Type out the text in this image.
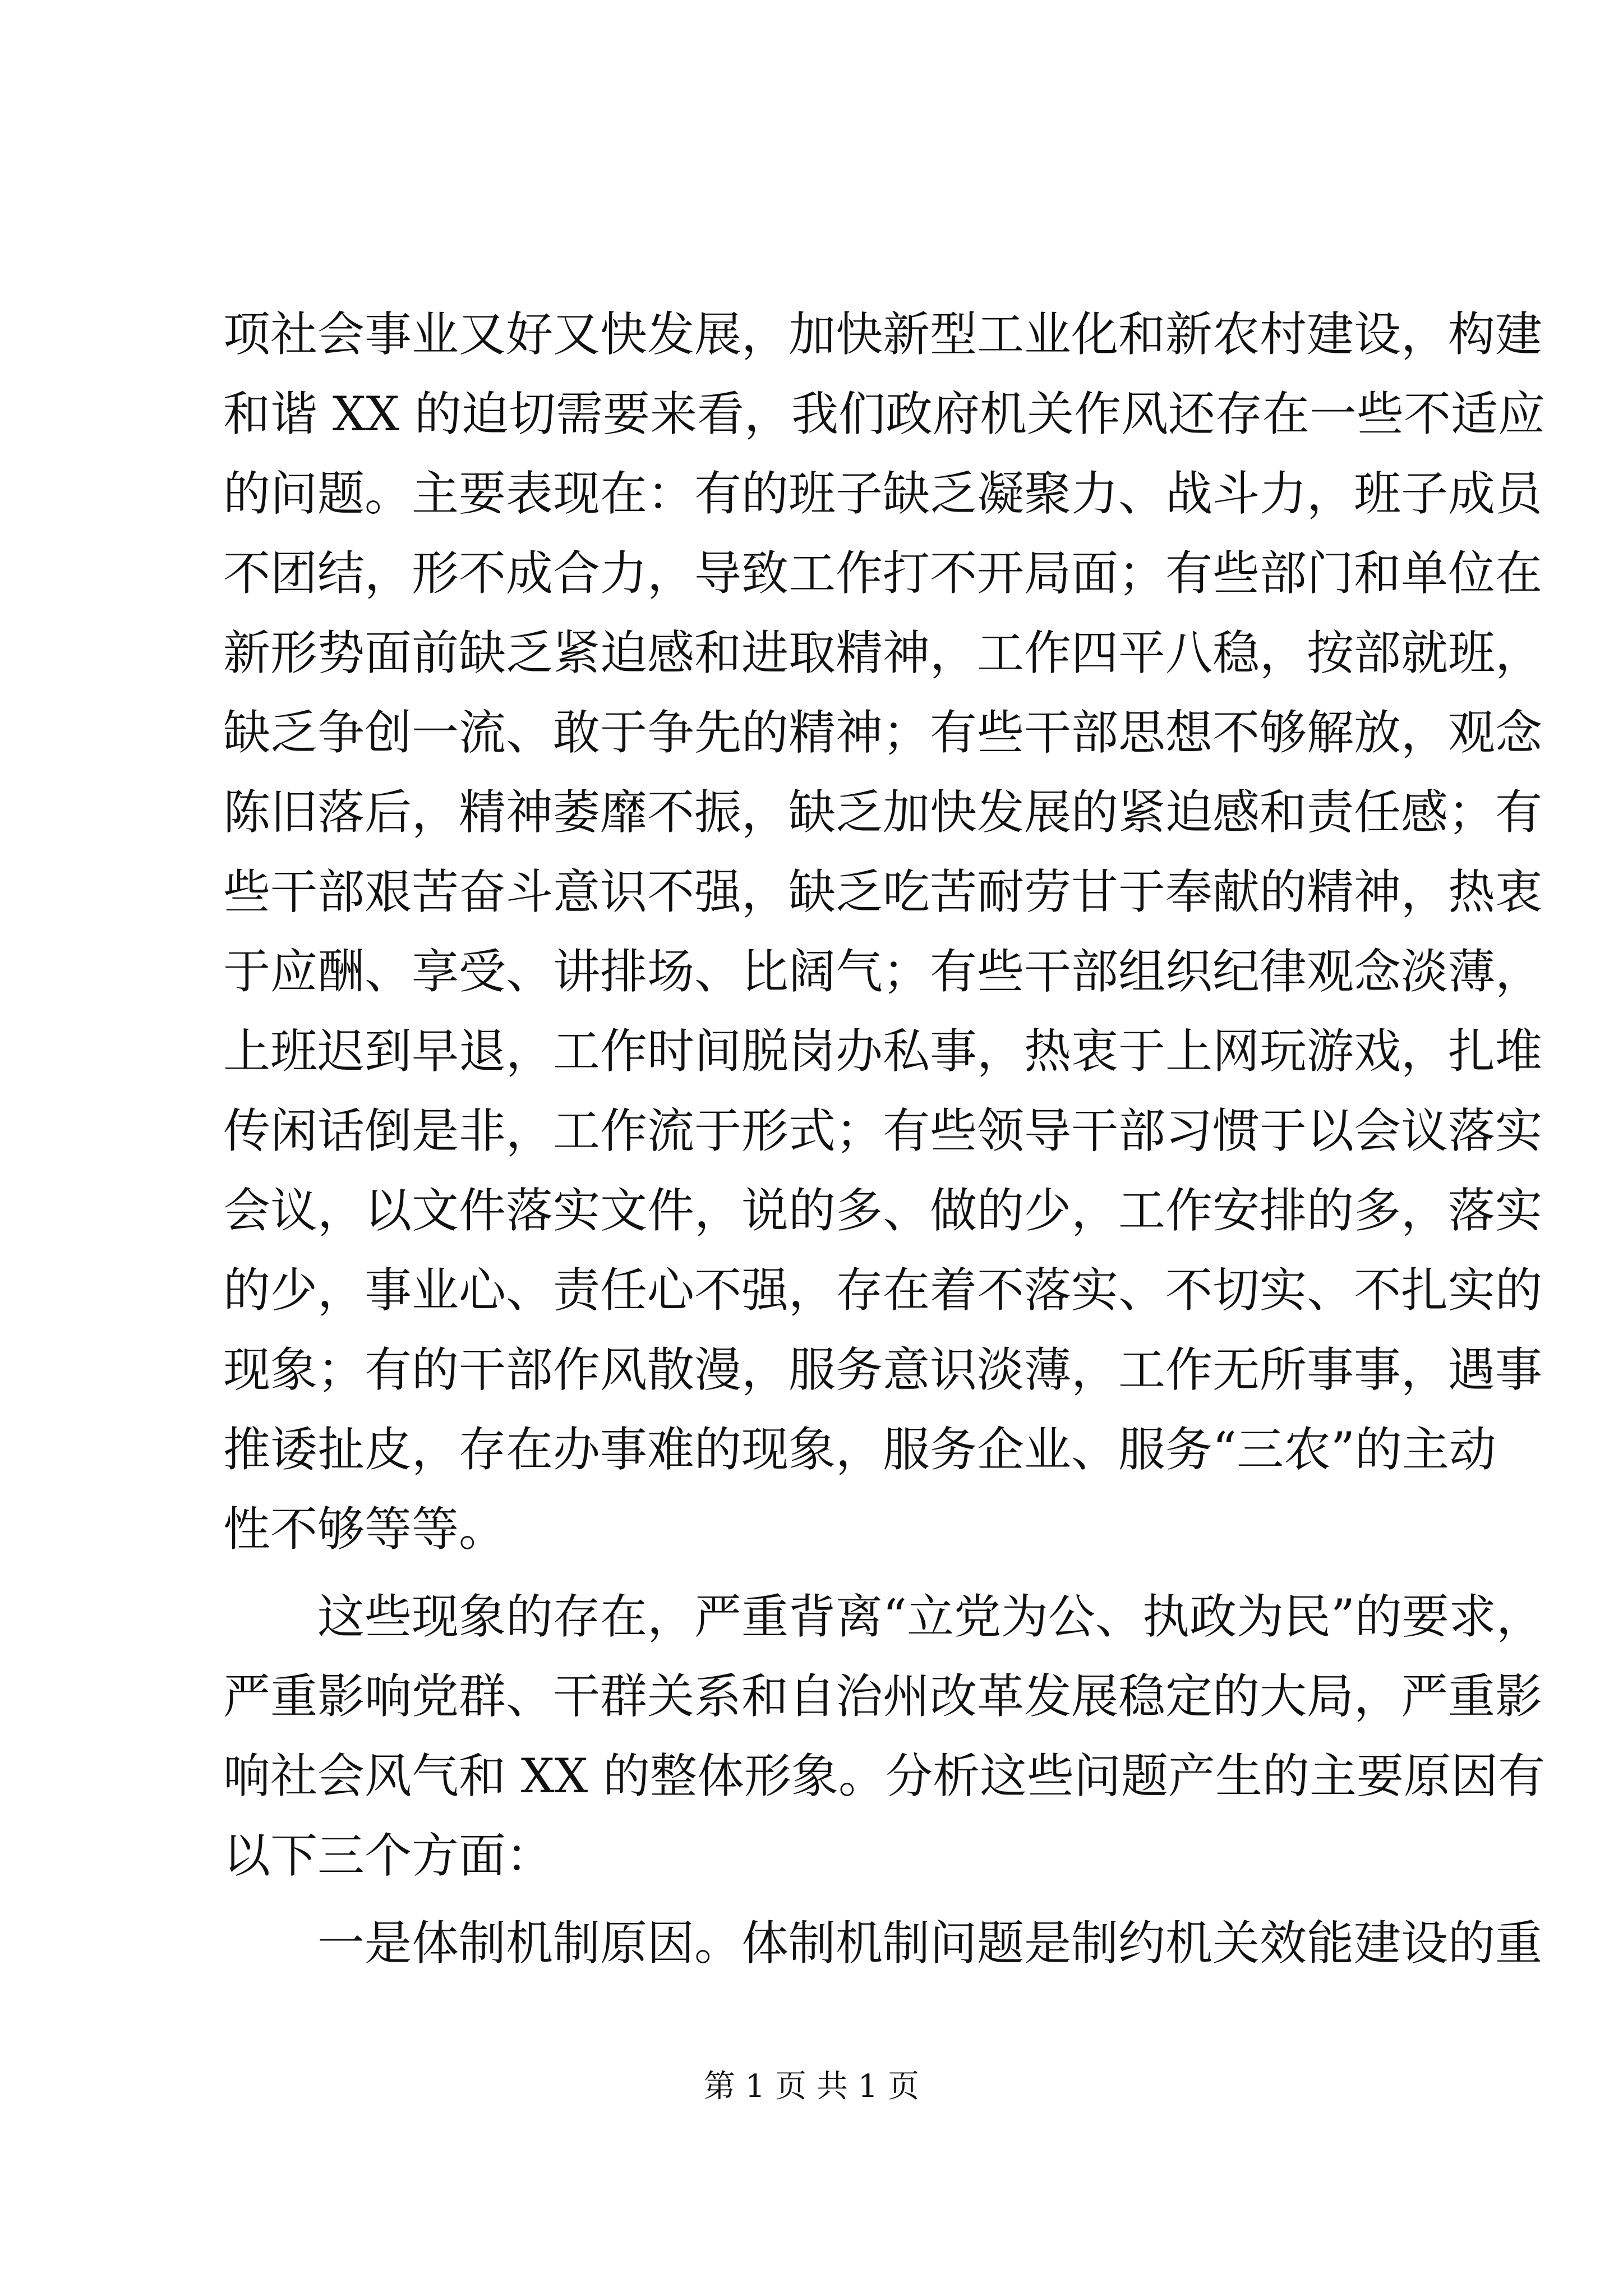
项社会事业又好又快发展，加快新型工业化和新农村建设，构建
和谐 XX 的迫切需要来看，我们政府机关作风还存在一些不适应
的问题。主要表现在：有的班子缺乏凝聚力、战斗力，班子成员
不团结，形不成合力，导致工作打不开局面；有些部门和单位在
新形势面前缺乏紧迫感和进取精神，工作四平八稳，按部就班，
缺乏争创一流、敢于争先的精神；有些干部思想不够解放，观念
陈旧落后，精神萎靡不振，缺乏加快发展的紧迫感和责任感；有
些干部艰苦奋斗意识不强，缺乏吃苦耐劳甘于奉献的精神，热衷
于应酬、享受、讲排场、比阔气；有些干部组织纪律观念淡薄，
上班迟到早退，工作时间脱岗办私事，热衷于上网玩游戏，扎堆
传闲话倒是非，工作流于形式；有些领导干部习惯于以会议落实
会议，以文件落实文件，说的多、做的少，工作安排的多，落实
的少，事业心、责任心不强，存在着不落实、不切实、不扎实的
现象；有的干部作风散漫，服务意识淡薄，工作无所事事，遇事
推诿扯皮，存在办事难的现象，服务企业、服务“三农”的主动
性不够等等。
　　这些现象的存在，严重背离“立党为公、执政为民”的要求，
严重影响党群、干群关系和自治州改革发展稳定的大局，严重影
响社会风气和 XX 的整体形象。分析这些问题产生的主要原因有
以下三个方面：
　　一是体制机制原因。体制机制问题是制约机关效能建设的重
第 1 页 共 1 页
